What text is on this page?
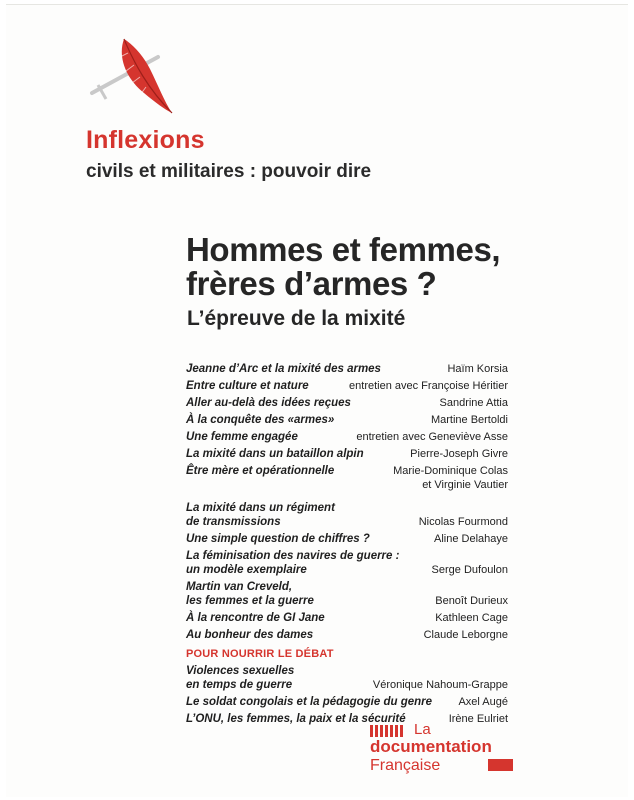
Inflexions
civils et militaires : pouvoir dire
Hommes et femmes,
frères d’armes ?
L’épreuve de la mixité
Jeanne d’Arc et la mixité des armes	Haïm Korsia
Entre culture et nature	entretien avec Françoise Héritier
Aller au-delà des idées reçues	Sandrine Attia
À la conquête des «armes»	Martine Bertoldi
Une femme engagée	entretien avec Geneviève Asse
La mixité dans un bataillon alpin	Pierre-Joseph Givre
Être mère et opérationnelle	Marie-Dominique Colas
et Virginie Vautier
La mixité dans un régiment
de transmissions	Nicolas Fourmond
Une simple question de chiffres ?	Aline Delahaye
La féminisation des navires de guerre :
un modèle exemplaire	Serge Dufoulon
Martin van Creveld,
les femmes et la guerre	Benoît Durieux
À la rencontre de GI Jane	Kathleen Cage
Au bonheur des dames	Claude Leborgne
POUR NOURRIR LE DÉBAT
Violences sexuelles
en temps de guerre	Véronique Nahoum-Grappe
Le soldat congolais et la pédagogie du genre Axel Augé
L’ONU, les femmes, la paix et la sécurité	Irène Eulriet
La
documentation
Française
